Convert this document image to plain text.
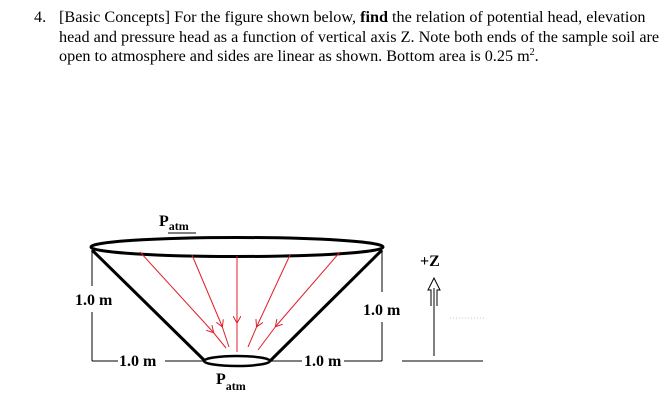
4. [Basic Concepts] For the figure shown below, find the relation of potential head, elevation head and pressure head as a function of vertical axis Z. Note both ends of the sample soil are open to atmosphere and sides are linear as shown. Bottom area is 0.25 $m^2$.
$P_{atm}$
$P_{atm}$
1.0 m
1.0 m
1.0 m	1.0 m
+Z
